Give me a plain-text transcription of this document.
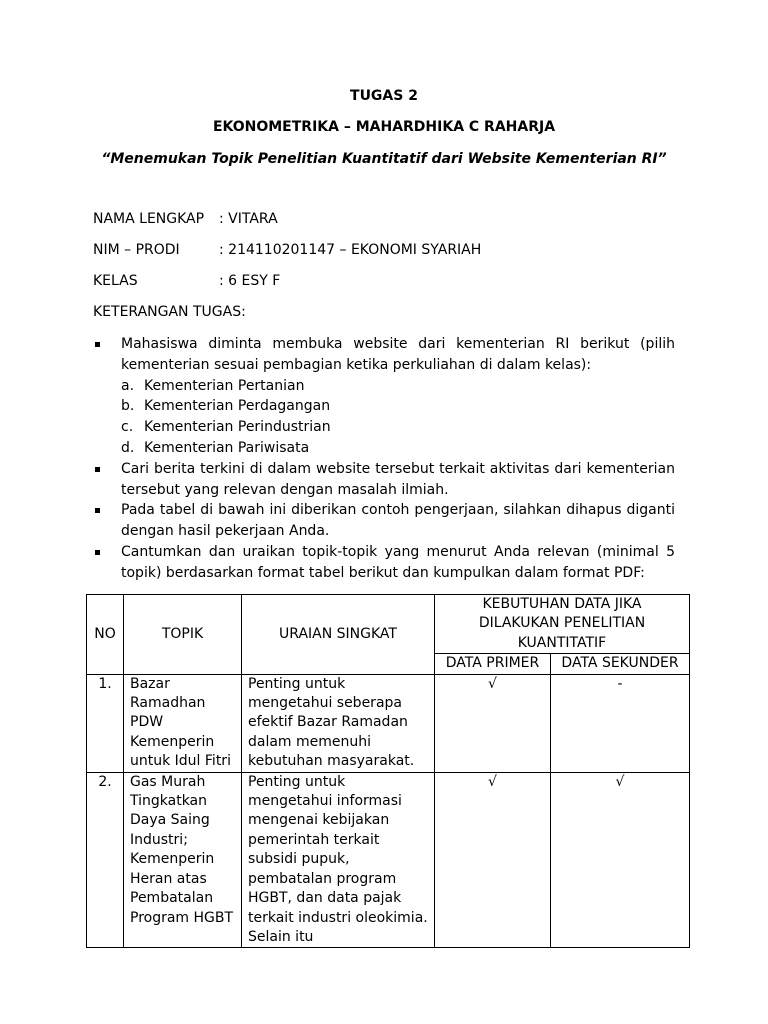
TUGAS 2
EKONOMETRIKA – MAHARDHIKA C RAHARJA
“Menemukan Topik Penelitian Kuantitatif dari Website Kementerian RI”
NAMA LENGKAP : VITARA
NIM – PRODI	: 214110201147 – EKONOMI SYARIAH
KELAS	: 6 ESY F
KETERANGAN TUGAS:
Mahasiswa diminta membuka website dari kementerian RI berikut (pilih kementerian sesuai pembagian ketika perkuliahan di dalam kelas):
a. Kementerian Pertanian
b. Kementerian Perdagangan
c. Kementerian Perindustrian
d. Kementerian Pariwisata
Cari berita terkini di dalam website tersebut terkait aktivitas dari kementerian tersebut yang relevan dengan masalah ilmiah.
Pada tabel di bawah ini diberikan contoh pengerjaan, silahkan dihapus diganti dengan hasil pekerjaan Anda.
Cantumkan dan uraikan topik-topik yang menurut Anda relevan (minimal 5 topik) berdasarkan format tabel berikut dan kumpulkan dalam format PDF:
NO	TOPIK	URAIAN SINGKAT	KEBUTUHAN DATA JIKA DILAKUKAN PENELITIAN KUANTITATIF	
			DATA PRIMER	DATA SEKUNDER
1.	Bazar Ramadhan PDW Kemenperin untuk Idul Fitri	Penting untuk mengetahui seberapa efektif Bazar Ramadan dalam memenuhi kebutuhan masyarakat.	√	-
2.	Gas Murah Tingkatkan Daya Saing Industri; Kemenperin Heran atas Pembatalan Program HGBT	Penting untuk mengetahui informasi mengenai kebijakan pemerintah terkait subsidi pupuk, pembatalan program HGBT, dan data pajak terkait industri oleokimia. Selain itu	√	√
